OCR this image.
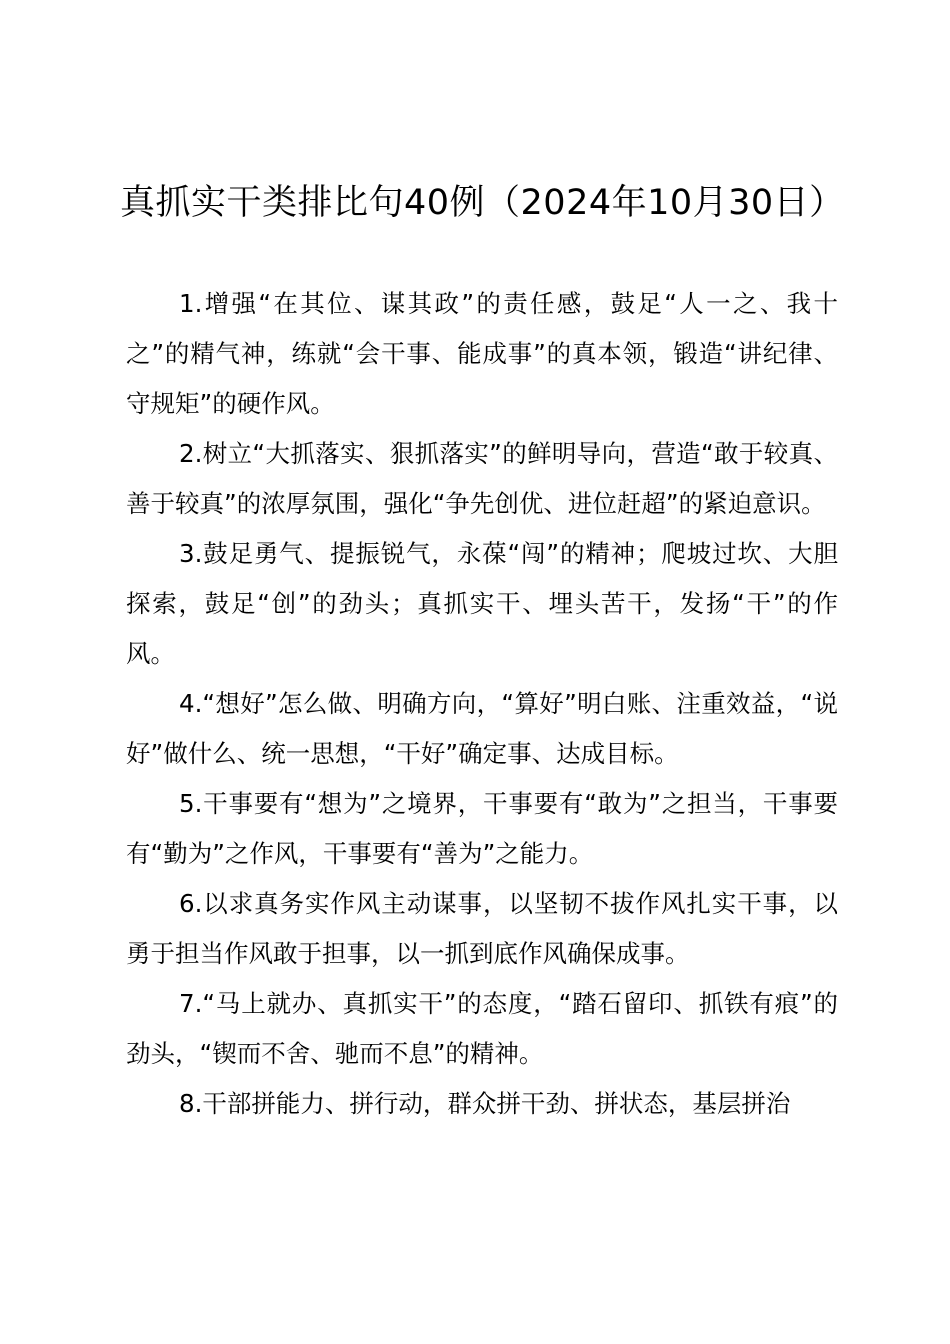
真抓实干类排比句40例（2024年10月30日）

1.增强“在其位、谋其政”的责任感，鼓足“人一之、我十之”的精气神，练就“会干事、能成事”的真本领，锻造“讲纪律、守规矩”的硬作风。

2.树立“大抓落实、狠抓落实”的鲜明导向，营造“敢于较真、善于较真”的浓厚氛围，强化“争先创优、进位赶超”的紧迫意识。

3.鼓足勇气、提振锐气，永葆“闯”的精神；爬坡过坎、大胆探索，鼓足“创”的劲头；真抓实干、埋头苦干，发扬“干”的作风。

4.“想好”怎么做、明确方向，“算好”明白账、注重效益，“说好”做什么、统一思想，“干好”确定事、达成目标。

5.干事要有“想为”之境界，干事要有“敢为”之担当，干事要有“勤为”之作风，干事要有“善为”之能力。

6.以求真务实作风主动谋事，以坚韧不拔作风扎实干事，以勇于担当作风敢于担事，以一抓到底作风确保成事。

7.“马上就办、真抓实干”的态度，“踏石留印、抓铁有痕”的劲头，“锲而不舍、驰而不息”的精神。

8.干部拼能力、拼行动，群众拼干劲、拼状态，基层拼治
